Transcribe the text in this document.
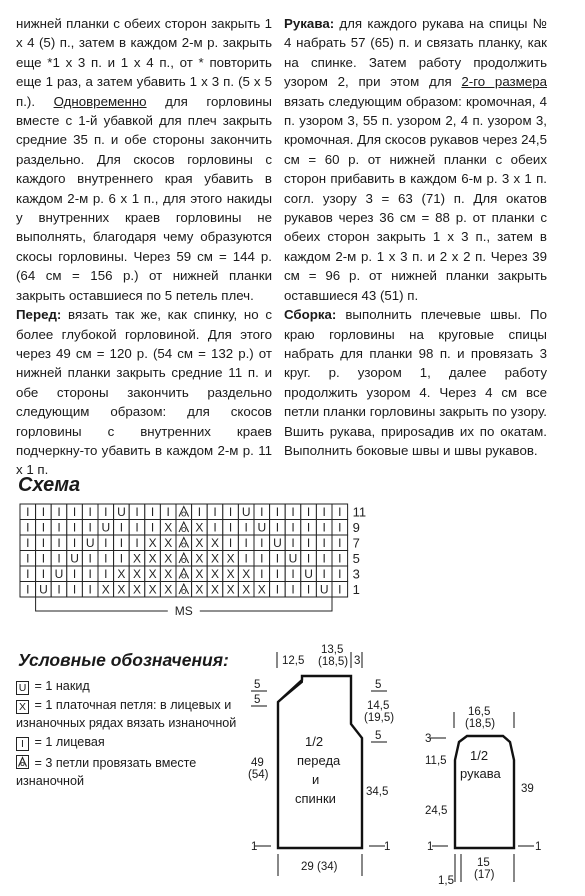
нижней планки с обеих сторон закрыть 1 х 4 (5) п., затем в каждом 2-м р. закрыть еще *1 х 3 п. и 1 х 4 п., от * повторить еще 1 раз, а затем убавить 1 х 3 п. (5 х 5 п.). Одновременно для горловины вместе с 1-й убавкой для плеч закрыть средние 35 п. и обе стороны закончить раздельно. Для скосов горловины с каждого внутреннего края убавить в каждом 2-м р. 6 х 1 п., для этого накиды у внутренних краев горловины не выполнять, благодаря чему образуются скосы горловины. Через 59 см = 144 р. (64 см = 156 р.) от нижней планки закрыть оставшиеся по 5 петель плеч.

Перед: вязать так же, как спинку, но с более глубокой горловиной. Для этого через 49 см = 120 р. (54 см = 132 р.) от нижней планки закрыть средние 11 п. и обе стороны закончить раздельно следующим образом: для скосов горловины с внутренних краев подчеркну-то убавить в каждом 2-м р. 11 х 1 п.

Рукава: для каждого рукава на спицы № 4 набрать 57 (65) п. и связать планку, как на спинке. Затем работу продолжить узором 2, при этом для 2-го размера вязать следующим образом: кромочная, 4 п. узором 3, 55 п. узором 2, 4 п. узором 3, кромочная. Для скосов рукавов через 24,5 см = 60 р. от нижней планки с обеих сторон прибавить в каждом 6-м р. 3 х 1 п. согл. узору 3 = 63 (71) п. Для окатов рукавов через 36 см = 88 р. от планки с обеих сторон закрыть 1 х 3 п., затем в каждом 2-м р. 1 х 3 п. и 2 х 2 п. Через 39 см = 96 р. от нижней планки закрыть оставшиеся 43 (51) п.

Сборка: выполнить плечевые швы. По краю горловины на круговые спицы набрать для планки 98 п. и провязать 3 круг. р. узором 1, далее работу продолжить узором 4. Через 4 см все петли планки горловины закрыть по узору. Вшить рукава, приposадив их по окатам. Выполнить боковые швы и швы рукавов.

Схема
I I I I I I U I I I I I I U I I I I I I 11
I I I I I U I I I X X I I I U I I I I I 9
I I I I U I I I X X X X I I I U I I I I 7
I I I U I I I X X X X X X I I I U I I I 5
I I U I I I X X X X X X X X I I I U I I 3
I U I I I X X X X X X X X X X I I I U I 1
MS
Условные обозначения:
U = 1 накид
X = 1 платочная петля: в лицевых и изнаночных рядах вязать изнаночной
I = 1 лицевая
= 3 петли провязать вместе изнаночной
12,5
13,5
(18,5) 3
5
5
5
14,5
(19,5)
5
49
(54)
34,5
1/2
переда
и
спинки
1	1
29 (34)
16,5
(18,5)
3
11,5
39
24,5
1/2
рукава
1	1
15
(17)
1,5
